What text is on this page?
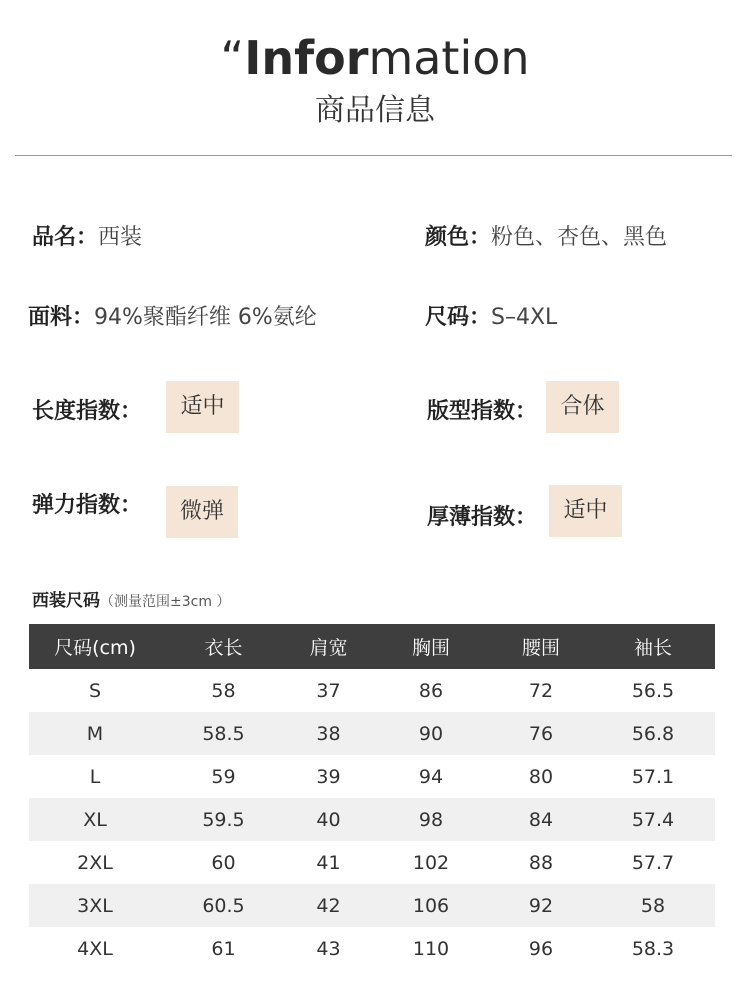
“Information
商品信息
品名：西装	颜色：粉色、杏色、黑色
面料：94%聚酯纤维 6%氨纶	尺码：S–4XL
长度指数：	适中	版型指数：	合体
弹力指数：	微弹	厚薄指数：	适中
西装尺码（测量范围±3cm ）
尺码(cm)	衣长	肩宽	胸围	腰围	袖长
S	58	37	86	72	56.5
M	58.5	38	90	76	56.8
L	59	39	94	80	57.1
XL	59.5	40	98	84	57.4
2XL	60	41	102	88	57.7
3XL	60.5	42	106	92	58
4XL	61	43	110	96	58.3
